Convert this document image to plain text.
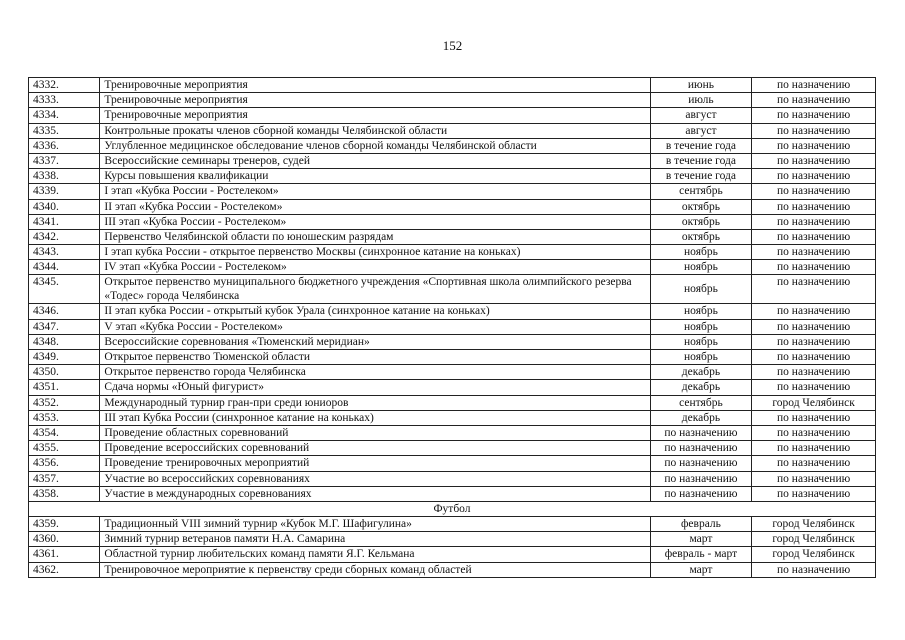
152
4332.	Тренировочные мероприятия	июнь	по назначению
4333.	Тренировочные мероприятия	июль	по назначению
4334.	Тренировочные мероприятия	август	по назначению
4335.	Контрольные прокаты членов сборной команды Челябинской области	август	по назначению
4336.	Углубленное медицинское обследование членов сборной команды Челябинской области	в течение года	по назначению
4337.	Всероссийские семинары тренеров, судей	в течение года	по назначению
4338.	Курсы повышения квалификации	в течение года	по назначению
4339.	I этап «Кубка России - Ростелеком»	сентябрь	по назначению
4340.	II этап «Кубка России - Ростелеком»	октябрь	по назначению
4341.	III этап «Кубка России - Ростелеком»	октябрь	по назначению
4342.	Первенство Челябинской области по юношеским разрядам	октябрь	по назначению
4343.	I этап кубка России - открытое первенство Москвы (синхронное катание на коньках)	ноябрь	по назначению
4344.	IV этап «Кубка России - Ростелеком»	ноябрь	по назначению
4345.	Открытое первенство муниципального бюджетного учреждения «Спортивная школа олимпийского резерва «Тодес» города Челябинска	ноябрь	по назначению
4346.	II этап кубка России - открытый кубок Урала (синхронное катание на коньках)	ноябрь	по назначению
4347.	V этап «Кубка России - Ростелеком»	ноябрь	по назначению
4348.	Всероссийские соревнования «Тюменский меридиан»	ноябрь	по назначению
4349.	Открытое первенство Тюменской области	ноябрь	по назначению
4350.	Открытое первенство города Челябинска	декабрь	по назначению
4351.	Сдача нормы «Юный фигурист»	декабрь	по назначению
4352.	Международный турнир гран-при среди юниоров	сентябрь	город Челябинск
4353.	III этап Кубка России (синхронное катание на коньках)	декабрь	по назначению
4354.	Проведение областных соревнований	по назначению	по назначению
4355.	Проведение всероссийских соревнований	по назначению	по назначению
4356.	Проведение тренировочных мероприятий	по назначению	по назначению
4357.	Участие во всероссийских соревнованиях	по назначению	по назначению
4358.	Участие в международных соревнованиях	по назначению	по назначению
Футбол			
4359.	Традиционный VIII зимний турнир «Кубок М.Г. Шафигулина»	февраль	город Челябинск
4360.	Зимний турнир ветеранов памяти Н.А. Самарина	март	город Челябинск
4361.	Областной турнир любительских команд памяти Я.Г. Кельмана	февраль - март	город Челябинск
4362.	Тренировочное мероприятие к первенству среди сборных команд областей	март	по назначению
